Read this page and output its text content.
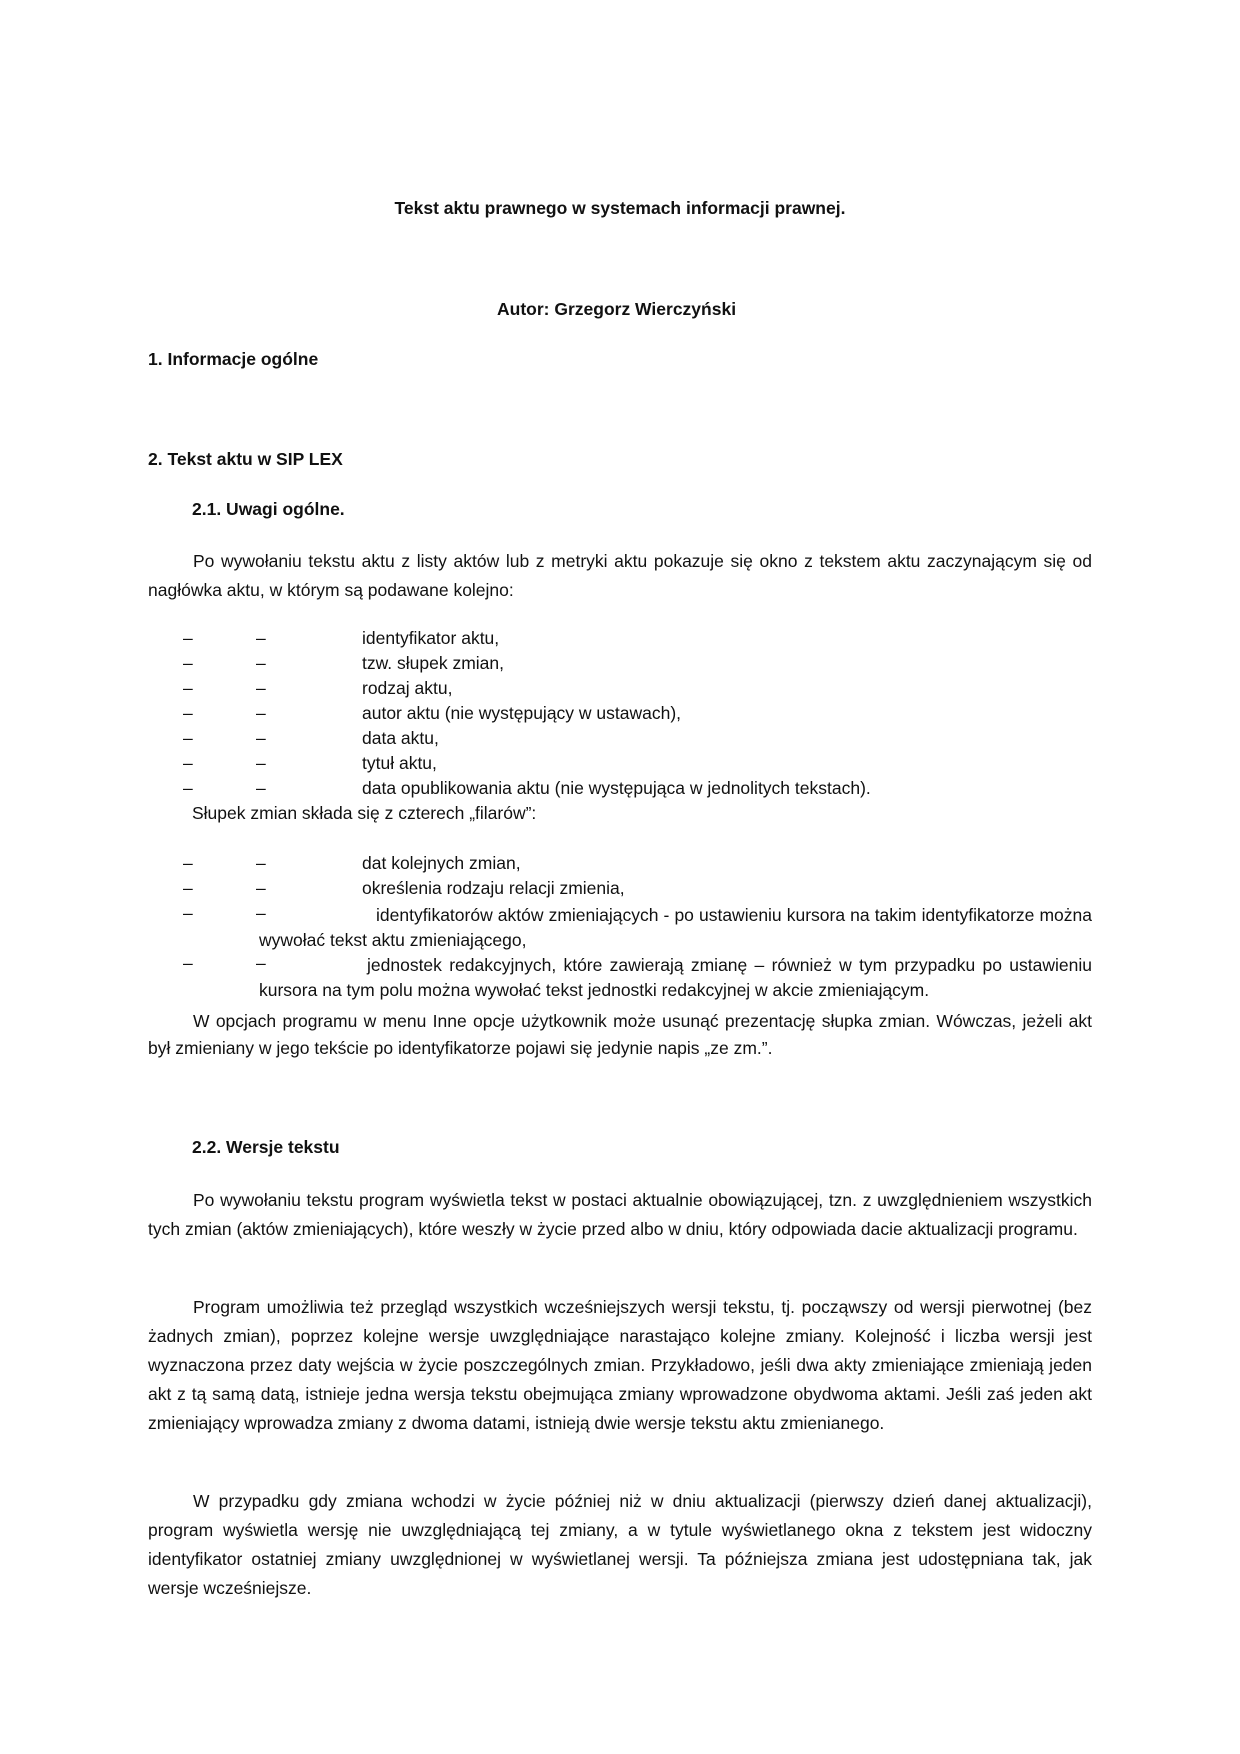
Tekst aktu prawnego w systemach informacji prawnej.
Autor: Grzegorz Wierczyński
1. Informacje ogólne
2. Tekst aktu w SIP LEX
2.1. Uwagi ogólne.
Po wywołaniu tekstu aktu z listy aktów lub z metryki aktu pokazuje się okno z tekstem aktu zaczynającym się od nagłówka aktu, w którym są podawane kolejno:
–	–	identyfikator aktu,
–	–	tzw. słupek zmian,
–	–	rodzaj aktu,
–	–	autor aktu (nie występujący w ustawach),
–	–	data aktu,
–	–	tytuł aktu,
–	–	data opublikowania aktu (nie występująca w jednolitych tekstach).
Słupek zmian składa się z czterech „filarów”:
–	–	dat kolejnych zmian,
–	–	określenia rodzaju relacji zmienia,
–	–	identyfikatorów aktów zmieniających - po ustawieniu kursora na takim identyfikatorze można wywołać tekst aktu zmieniającego,
–	–	jednostek redakcyjnych, które zawierają zmianę – również w tym przypadku po ustawieniu kursora na tym polu można wywołać tekst jednostki redakcyjnej w akcie zmieniającym.
W opcjach programu w menu Inne opcje użytkownik może usunąć prezentację słupka zmian. Wówczas, jeżeli akt był zmieniany w jego tekście po identyfikatorze pojawi się jedynie napis „ze zm.”.
2.2. Wersje tekstu
Po wywołaniu tekstu program wyświetla tekst w postaci aktualnie obowiązującej, tzn. z uwzględnieniem wszystkich tych zmian (aktów zmieniających), które weszły w życie przed albo w dniu, który odpowiada dacie aktualizacji programu.
Program umożliwia też przegląd wszystkich wcześniejszych wersji tekstu, tj. począwszy od wersji pierwotnej (bez żadnych zmian), poprzez kolejne wersje uwzględniające narastająco kolejne zmiany. Kolejność i liczba wersji jest wyznaczona przez daty wejścia w życie poszczególnych zmian. Przykładowo, jeśli dwa akty zmieniające zmieniają jeden akt z tą samą datą, istnieje jedna wersja tekstu obejmująca zmiany wprowadzone obydwoma aktami. Jeśli zaś jeden akt zmieniający wprowadza zmiany z dwoma datami, istnieją dwie wersje tekstu aktu zmienianego.
W przypadku gdy zmiana wchodzi w życie później niż w dniu aktualizacji (pierwszy dzień danej aktualizacji), program wyświetla wersję nie uwzględniającą tej zmiany, a w tytule wyświetlanego okna z tekstem jest widoczny identyfikator ostatniej zmiany uwzględnionej w wyświetlanej wersji. Ta późniejsza zmiana jest udostępniana tak, jak wersje wcześniejsze.
